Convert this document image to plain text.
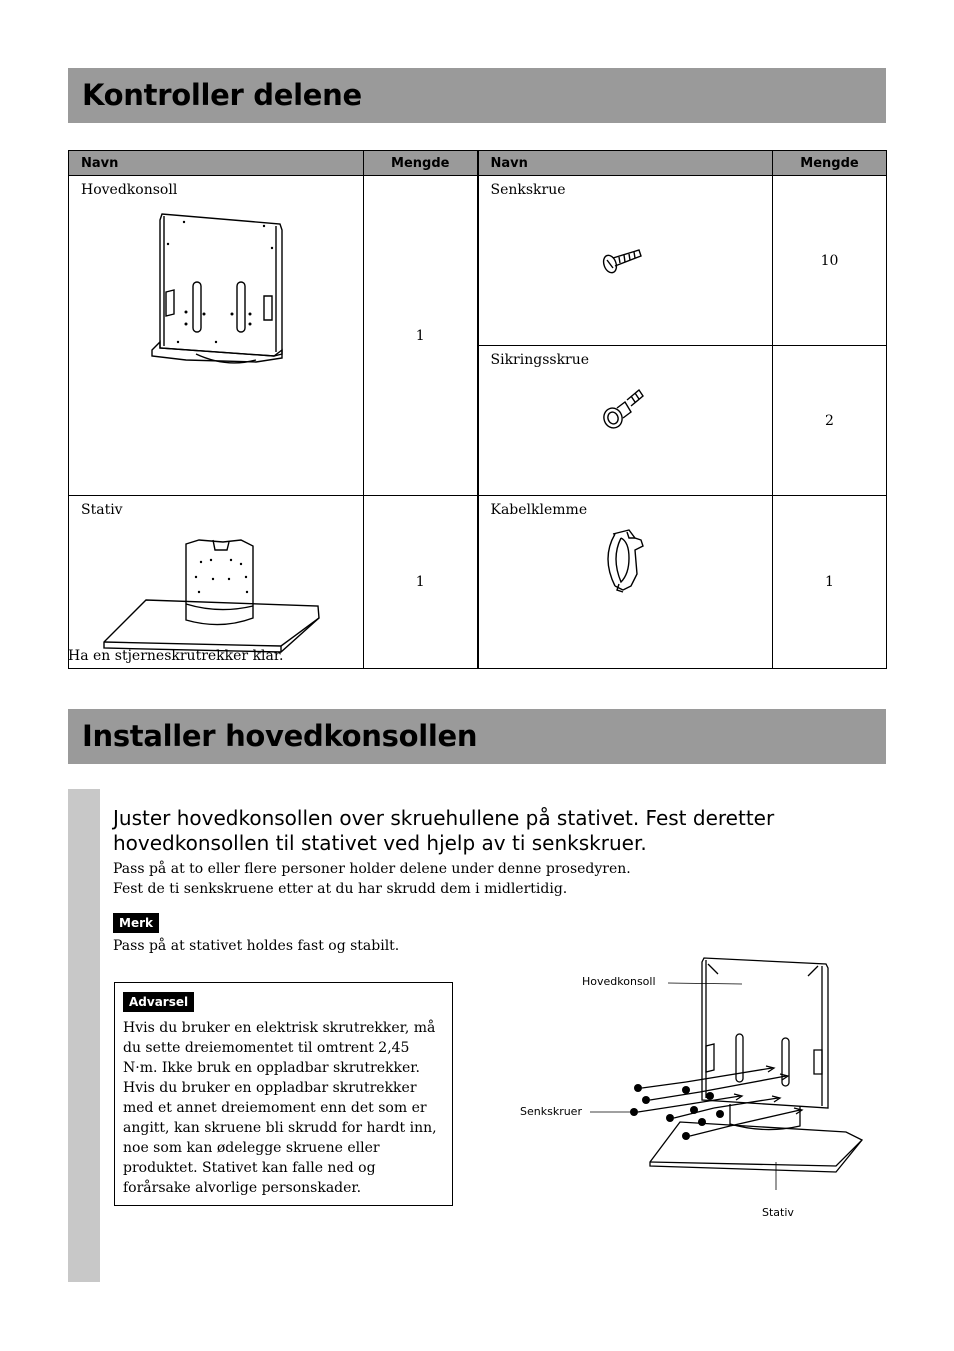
Kontroller delene
Navn	Mengde	Navn	Mengde

Hovedkonsoll	1	Senkskrue	10

		Sikringsskrue	2

Stativ	1	Kabelklemme	1
Ha en stjerneskrutrekker klar.
Installer hovedkonsollen
Juster hovedkonsollen over skruehullene på stativet. Fest deretter hovedkonsollen til stativet ved hjelp av ti senkskruer.
Pass på at to eller flere personer holder delene under denne prosedyren.
Fest de ti senkskruene etter at du har skrudd dem i midlertidig.
Merk
Pass på at stativet holdes fast og stabilt.
Advarsel
Hvis du bruker en elektrisk skrutrekker, må du sette dreiemomentet til omtrent 2,45 N·m. Ikke bruk en oppladbar skrutrekker. Hvis du bruker en oppladbar skrutrekker med et annet dreiemoment enn det som er angitt, kan skruene bli skrudd for hardt inn, noe som kan ødelegge skruene eller produktet. Stativet kan falle ned og forårsake alvorlige personskader.
Hovedkonsoll
Senkskruer
Stativ
